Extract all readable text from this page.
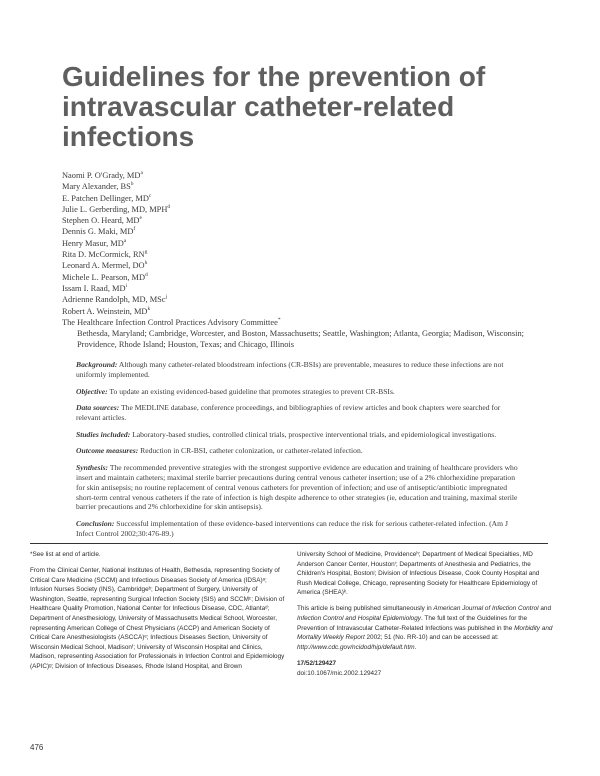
Guidelines for the prevention of intravascular catheter-related infections
Naomi P. O'Grady, $MD^a$
Mary Alexander, $BS^b$
E. Patchen Dellinger, $MD^c$
Julie L. Gerberding, MD, MPH$^d$
Stephen O. Heard, MDe
Dennis G. Maki, $MD^f$
Henry Masur, $MD^a$
Rita D. McCormick, $RN^g$
Leonard A. Mermel, $DO^h$
Michele L. Pearson, $MD^d$
Issam I. Raad, $MD^i$
Adrienne Randolph, MD, MSc$^j$
Robert A. Weinstein, $MD^k$
The Healthcare Infection Control Practices Advisory Committee*
Bethesda, Maryland; Cambridge, Worcester, and Boston, Massachusetts; Seattle, Washington; Atlanta, Georgia; Madison, Wisconsin; Providence, Rhode Island; Houston, Texas; and Chicago, Illinois

Background: Although many catheter-related bloodstream infections (CR-BSIs) are preventable, measures to reduce these infections are not uniformly implemented.

Objective: To update an existing evidenced-based guideline that promotes strategies to prevent CR-BSIs.

Data sources: The MEDLINE database, conference proceedings, and bibliographies of review articles and book chapters were searched for relevant articles.

Studies included: Laboratory-based studies, controlled clinical trials, prospective interventional trials, and epidemiological investigations.

Outcome measures: Reduction in CR-BSI, catheter colonization, or catheter-related infection.

Synthesis: The recommended preventive strategies with the strongest supportive evidence are education and training of healthcare providers who insert and maintain catheters; maximal sterile barrier precautions during central venous catheter insertion; use of a 2% chlorhexidine preparation for skin antisepsis; no routine replacement of central venous catheters for prevention of infection; and use of antiseptic/antibiotic impregnated short-term central venous catheters if the rate of infection is high despite adherence to other strategies (ie, education and training, maximal sterile barrier precautions and 2% chlorhexidine for skin antisepsis).

Conclusion: Successful implementation of these evidence-based interventions can reduce the risk for serious catheter-related infection. (Am J Infect Control 2002;30:476-89.)

*See list at end of article.

From the Clinical Center, National Institutes of Health, Bethesda, representing Society of Critical Care Medicine (SCCM) and Infectious Diseases Society of America (IDSA)ᵃ; Infusion Nurses Society (INS), Cambridgeᵇ; Department of Surgery, University of Washington, Seattle, representing Surgical Infection Society (SIS) and SCCMᶜ; Division of Healthcare Quality Promotion, National Center for Infectious Disease, CDC, Atlantaᵈ; Department of Anesthesiology, University of Massachusetts Medical School, Worcester, representing American College of Chest Physicians (ACCP) and American Society of Critical Care Anesthesiologists (ASCCA)ᵉ; Infectious Diseases Section, University of Wisconsin Medical School, Madisonᶠ; University of Wisconsin Hospital and Clinics, Madison, representing Association for Professionals in Infection Control and Epidemiology (APIC)ᵍ; Division of Infectious Diseases, Rhode Island Hospital, and Brown

University School of Medicine, Providenceʰ; Department of Medical Specialties, MD Anderson Cancer Center, Houstonⁱ; Departments of Anesthesia and Pediatrics, the Children's Hospital, Bostonʲ; Division of Infectious Disease, Cook County Hospital and Rush Medical College, Chicago, representing Society for Healthcare Epidemiology of America (SHEA)ᵏ.

This article is being published simultaneously in American Journal of Infection Control and Infection Control and Hospital Epidemiology. The full text of the Guidelines for the Prevention of Intravascular Catheter-Related Infections was published in the Morbidity and Mortality Weekly Report 2002; 51 (No. RR-10) and can be accessed at: http://www.cdc.gov/ncidod/hip/default.htm.

17/52/129427

doi:10.1067/mic.2002.129427

476
